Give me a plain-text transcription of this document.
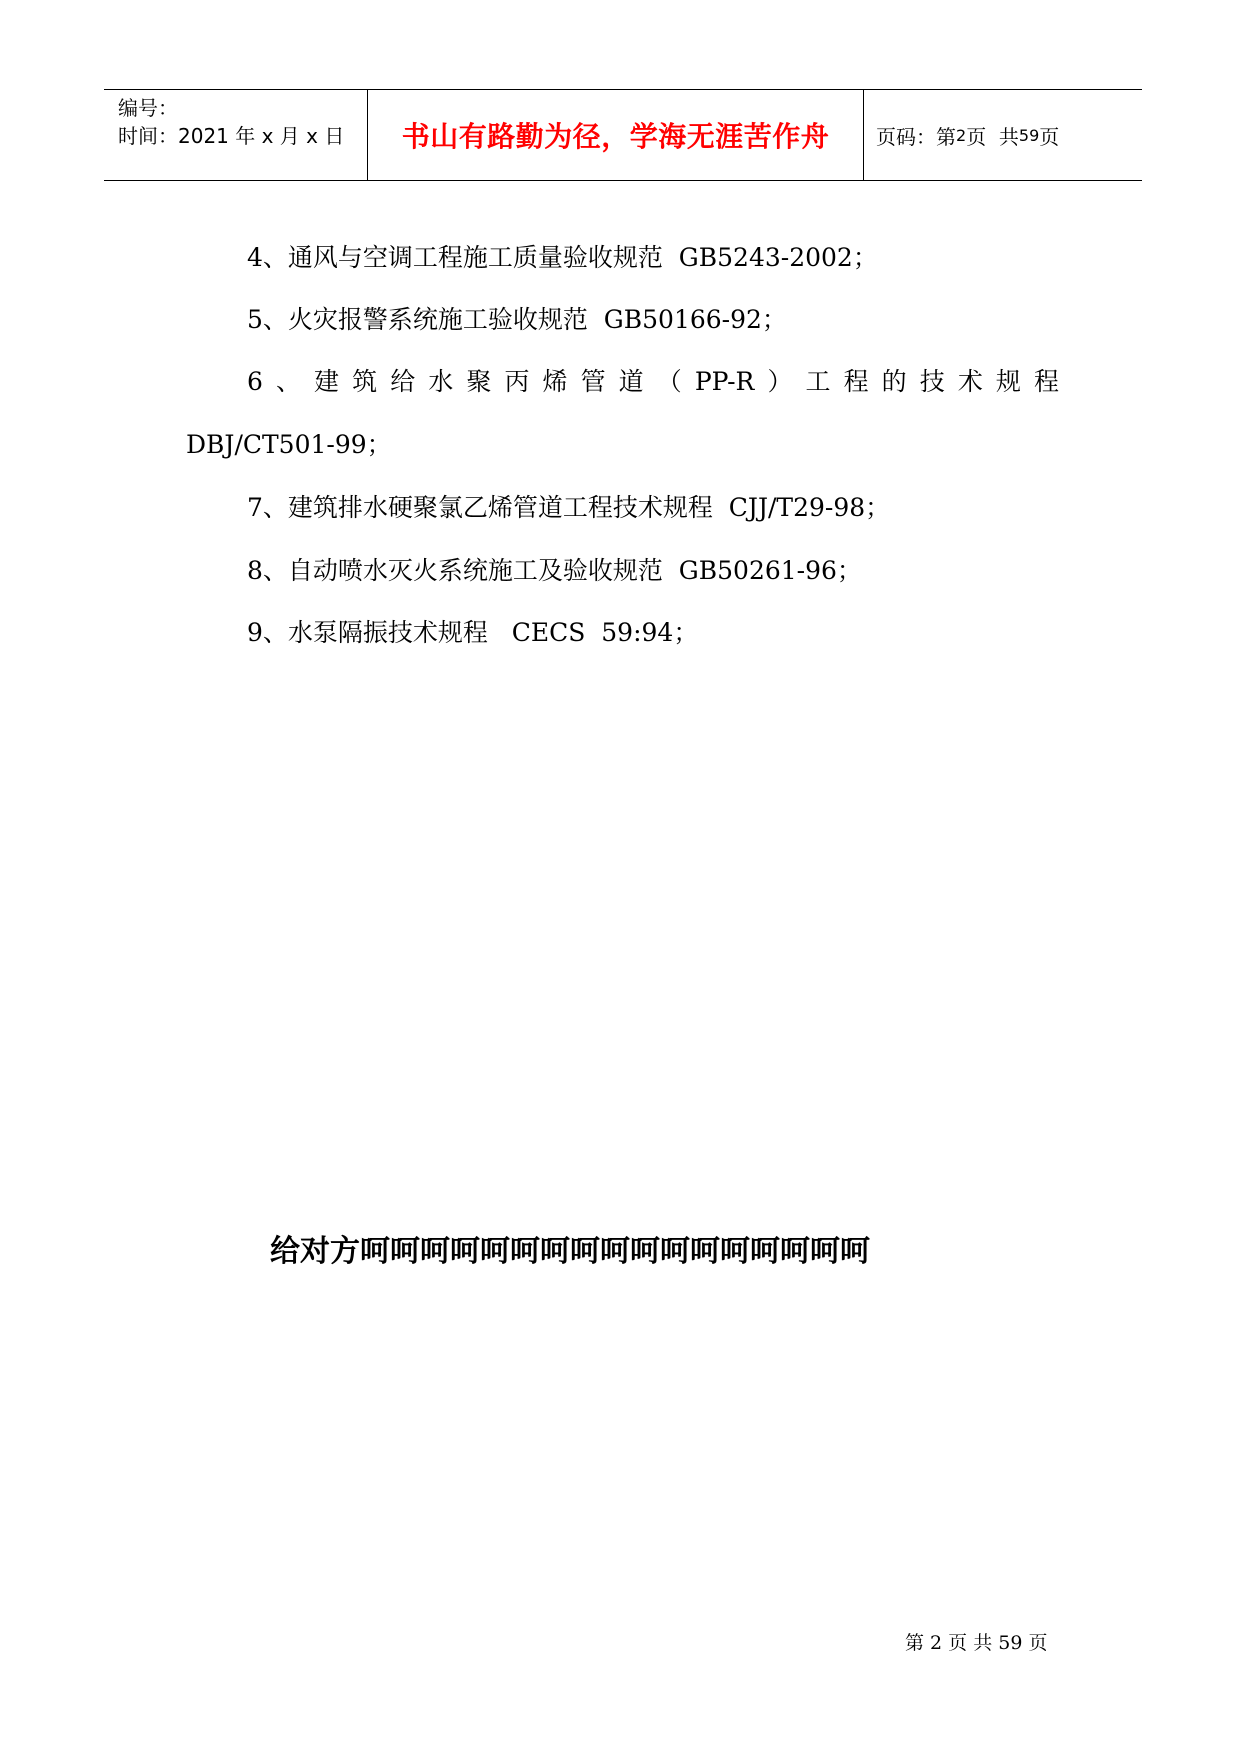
编号：
时间：2021 年 x 月 x 日	书山有路勤为径，学海无涯苦作舟	页码：第 2 页  共 59 页
4、通风与空调工程施工质量验收规范  GB5243-2002；
5、火灾报警系统施工验收规范  GB50166-92；
6、建筑给水聚丙烯管道（PP-R）工程的技术规程
DBJ/CT501-99；
7、建筑排水硬聚氯乙烯管道工程技术规程  CJJ/T29-98；
8、自动喷水灭火系统施工及验收规范  GB50261-96；
9、水泵隔振技术规程   CECS  59:94；
给对方呵呵呵呵呵呵呵呵呵呵呵呵呵呵呵呵呵
第 2 页 共 59 页
